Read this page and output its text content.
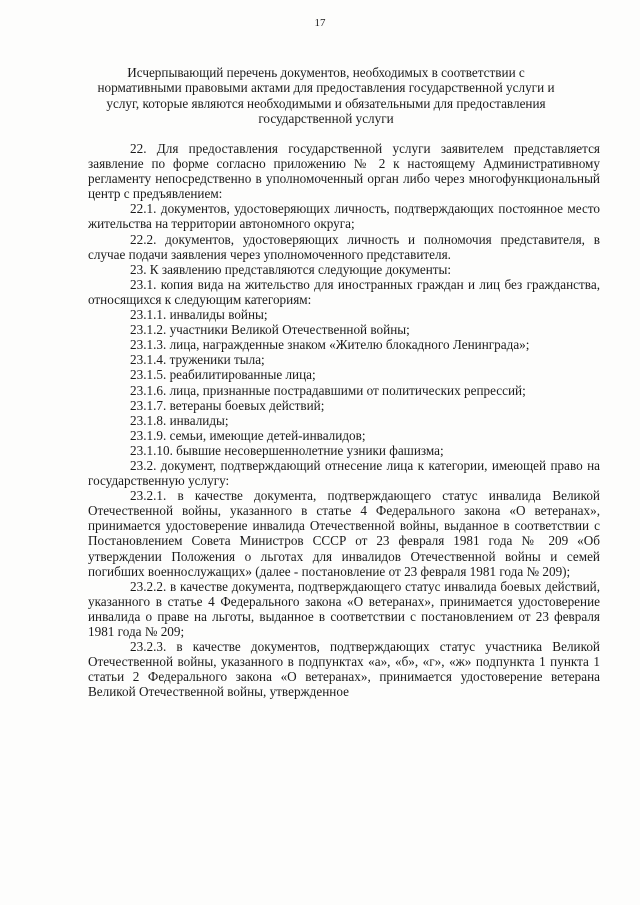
17
Исчерпывающий перечень документов, необходимых в соответствии с нормативными правовыми актами для предоставления государственной услуги и услуг, которые являются необходимыми и обязательными для предоставления государственной услуги

22. Для предоставления государственной услуги заявителем представляется заявление по форме согласно приложению № 2 к настоящему Административному регламенту непосредственно в уполномоченный орган либо через многофункциональный центр с предъявлением:

22.1. документов, удостоверяющих личность, подтверждающих постоянное место жительства на территории автономного округа;

22.2. документов, удостоверяющих личность и полномочия представителя, в случае подачи заявления через уполномоченного представителя.

23. К заявлению представляются следующие документы:

23.1. копия вида на жительство для иностранных граждан и лиц без гражданства, относящихся к следующим категориям:

23.1.1. инвалиды войны;

23.1.2. участники Великой Отечественной войны;

23.1.3. лица, награжденные знаком «Жителю блокадного Ленинграда»;

23.1.4. труженики тыла;

23.1.5. реабилитированные лица;

23.1.6. лица, признанные пострадавшими от политических репрессий;

23.1.7. ветераны боевых действий;

23.1.8. инвалиды;

23.1.9. семьи, имеющие детей-инвалидов;

23.1.10. бывшие несовершеннолетние узники фашизма;

23.2. документ, подтверждающий отнесение лица к категории, имеющей право на государственную услугу:

23.2.1. в качестве документа, подтверждающего статус инвалида Великой Отечественной войны, указанного в статье 4 Федерального закона «О ветеранах», принимается удостоверение инвалида Отечественной войны, выданное в соответствии с Постановлением Совета Министров СССР от 23 февраля 1981 года № 209 «Об утверждении Положения о льготах для инвалидов Отечественной войны и семей погибших военнослужащих» (далее - постановление от 23 февраля 1981 года № 209);

23.2.2. в качестве документа, подтверждающего статус инвалида боевых действий, указанного в статье 4 Федерального закона «О ветеранах», принимается удостоверение инвалида о праве на льготы, выданное в соответствии с постановлением от 23 февраля 1981 года № 209;

23.2.3. в качестве документов, подтверждающих статус участника Великой Отечественной войны, указанного в подпунктах «а», «б», «г», «ж» подпункта 1 пункта 1 статьи 2 Федерального закона «О ветеранах», принимается удостоверение ветерана Великой Отечественной войны, утвержденное
